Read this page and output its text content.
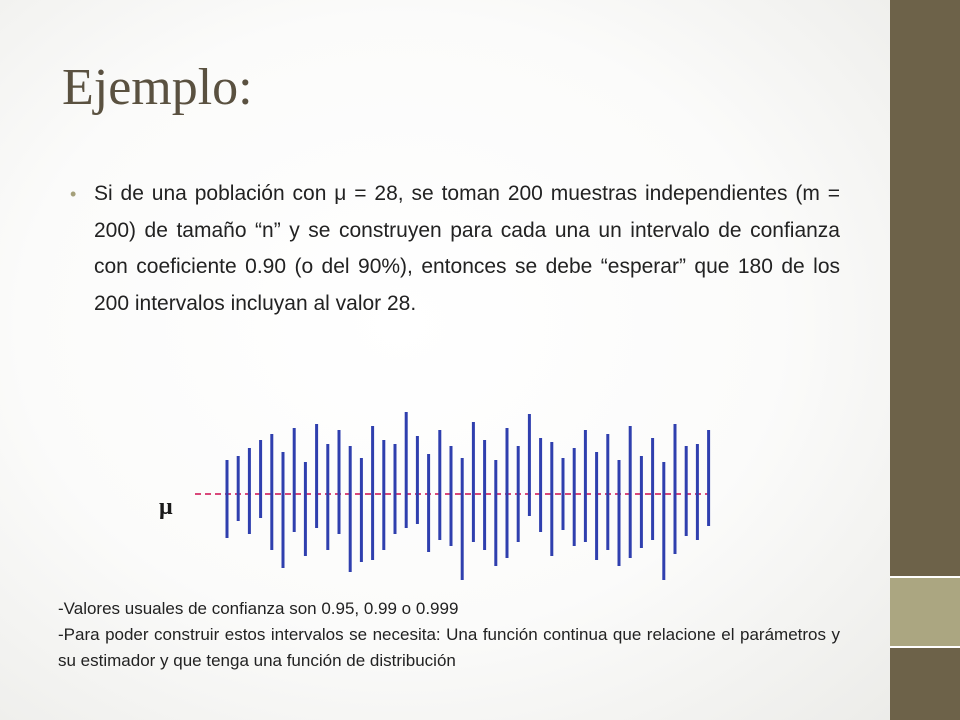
Ejemplo:
• Si de una población con μ = 28, se toman 200 muestras independientes (m = 200) de tamaño “n” y se construyen para cada una un intervalo de confianza con coeficiente 0.90 (o del 90%), entonces se debe “esperar” que 180 de los 200 intervalos incluyan al valor 28.

μ

-Valores usuales de confianza son 0.95, 0.99 o 0.999

-Para poder construir estos intervalos se necesita: Una función continua que relacione el parámetros y su estimador y que tenga una función de distribución
